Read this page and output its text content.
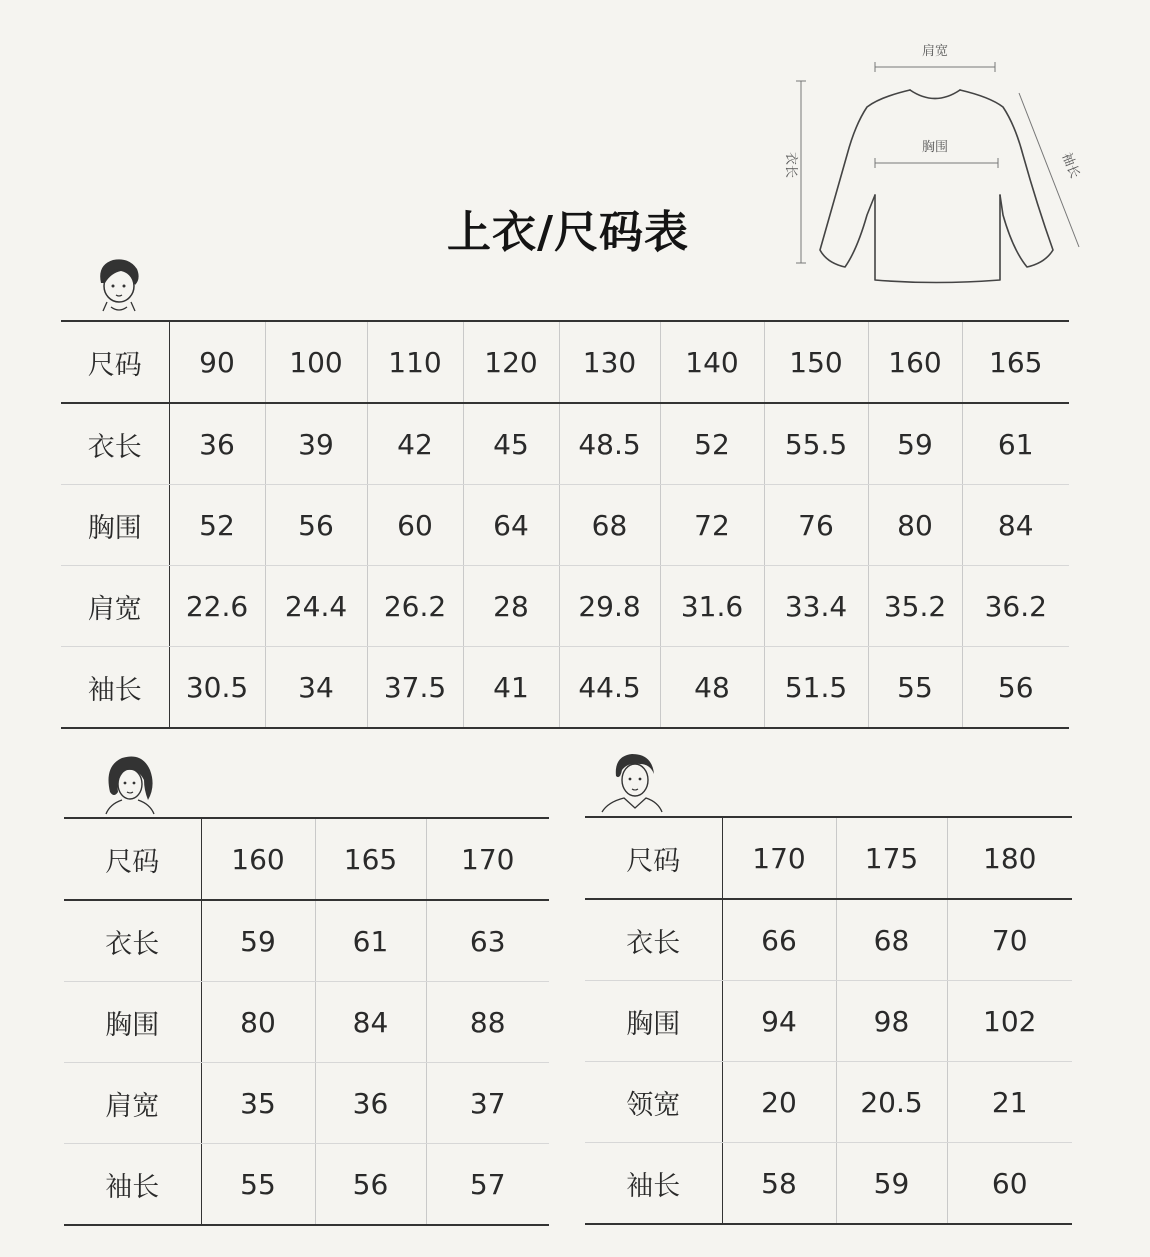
上衣/尺码表
肩宽
胸围
衣长	袖长
尺码	90	100	110	120	130	140	150	160	165
衣长	36	39	42	45	48.5	52	55.5	59	61
胸围	52	56	60	64	68	72	76	80	84
肩宽	22.6	24.4	26.2	28	29.8	31.6	33.4	35.2	36.2
袖长	30.5	34	37.5	41	44.5	48	51.5	55	56
尺码	160	165	170
衣长	59	61	63
胸围	80	84	88
肩宽	35	36	37
袖长	55	56	57
尺码	170	175	180
衣长	66	68	70
胸围	94	98	102
领宽	20	20.5	21
袖长	58	59	60
